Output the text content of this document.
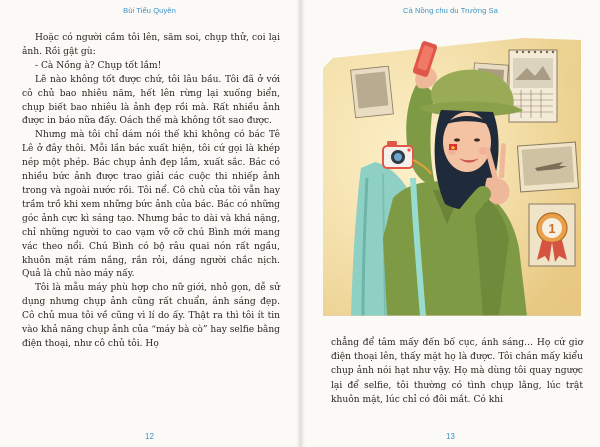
Bùi Tiểu Quyên

Hoặc có người cầm tôi lên, săm soi, chụp thử, coi lại ảnh. Rồi gật gù:

- Cà Nồng à? Chụp tốt lắm!

Lẽ nào không tốt được chứ, tôi lâu bầu. Tôi đã ở với cô chủ bao nhiêu năm, hết lên rừng lại xuống biển, chụp biết bao nhiêu là ảnh đẹp rồi mà. Rất nhiều ảnh được in báo nữa đấy. Oách thế mà không tốt sao được.

Nhưng mà tôi chỉ dám nói thế khi không có bác Tê Lê ở đây thôi. Mỗi lần bác xuất hiện, tôi cứ gọi là khép nép một phép. Bác chụp ảnh đẹp lắm, xuất sắc. Bác có nhiều bức ảnh được trao giải các cuộc thi nhiếp ảnh trong và ngoài nước rồi. Tôi nể. Cô chủ của tôi vẫn hay trầm trồ khi xem những bức ảnh của bác. Bác có những góc ảnh cực kì sáng tạo. Nhưng bác to dài và khá nặng, chỉ những người to cao vạm vỡ cỡ chú Bình mới mang vác theo nổi. Chú Bình có bộ râu quai nón rất ngầu, khuôn mặt rám nắng, rắn rỏi, dáng người chắc nịch. Quả là chủ nào máy nấy.

Tôi là mẫu máy phù hợp cho nữ giới, nhỏ gọn, dễ sử dụng nhưng chụp ảnh cũng rất chuẩn, ánh sáng đẹp. Cô chủ mua tôi về cũng vì lí do ấy. Thật ra thì tôi ít tin vào khả năng chụp ảnh của “máy bà cò” hay selfie bằng điện thoại, như cô chủ tôi. Họ

12
Cà Nồng chu du Trường Sa
1

chẳng để tâm mấy đến bố cục, ánh sáng… Họ cứ giơ điện thoại lên, thấy mặt họ là được. Tôi chán mấy kiểu chụp ảnh nói hạt như vậy. Họ mà dùng tôi quay ngược lại để selfie, tôi thường có tình chụp lằng, lúc trật khuôn mặt, lúc chỉ có đôi mắt. Có khi

13
